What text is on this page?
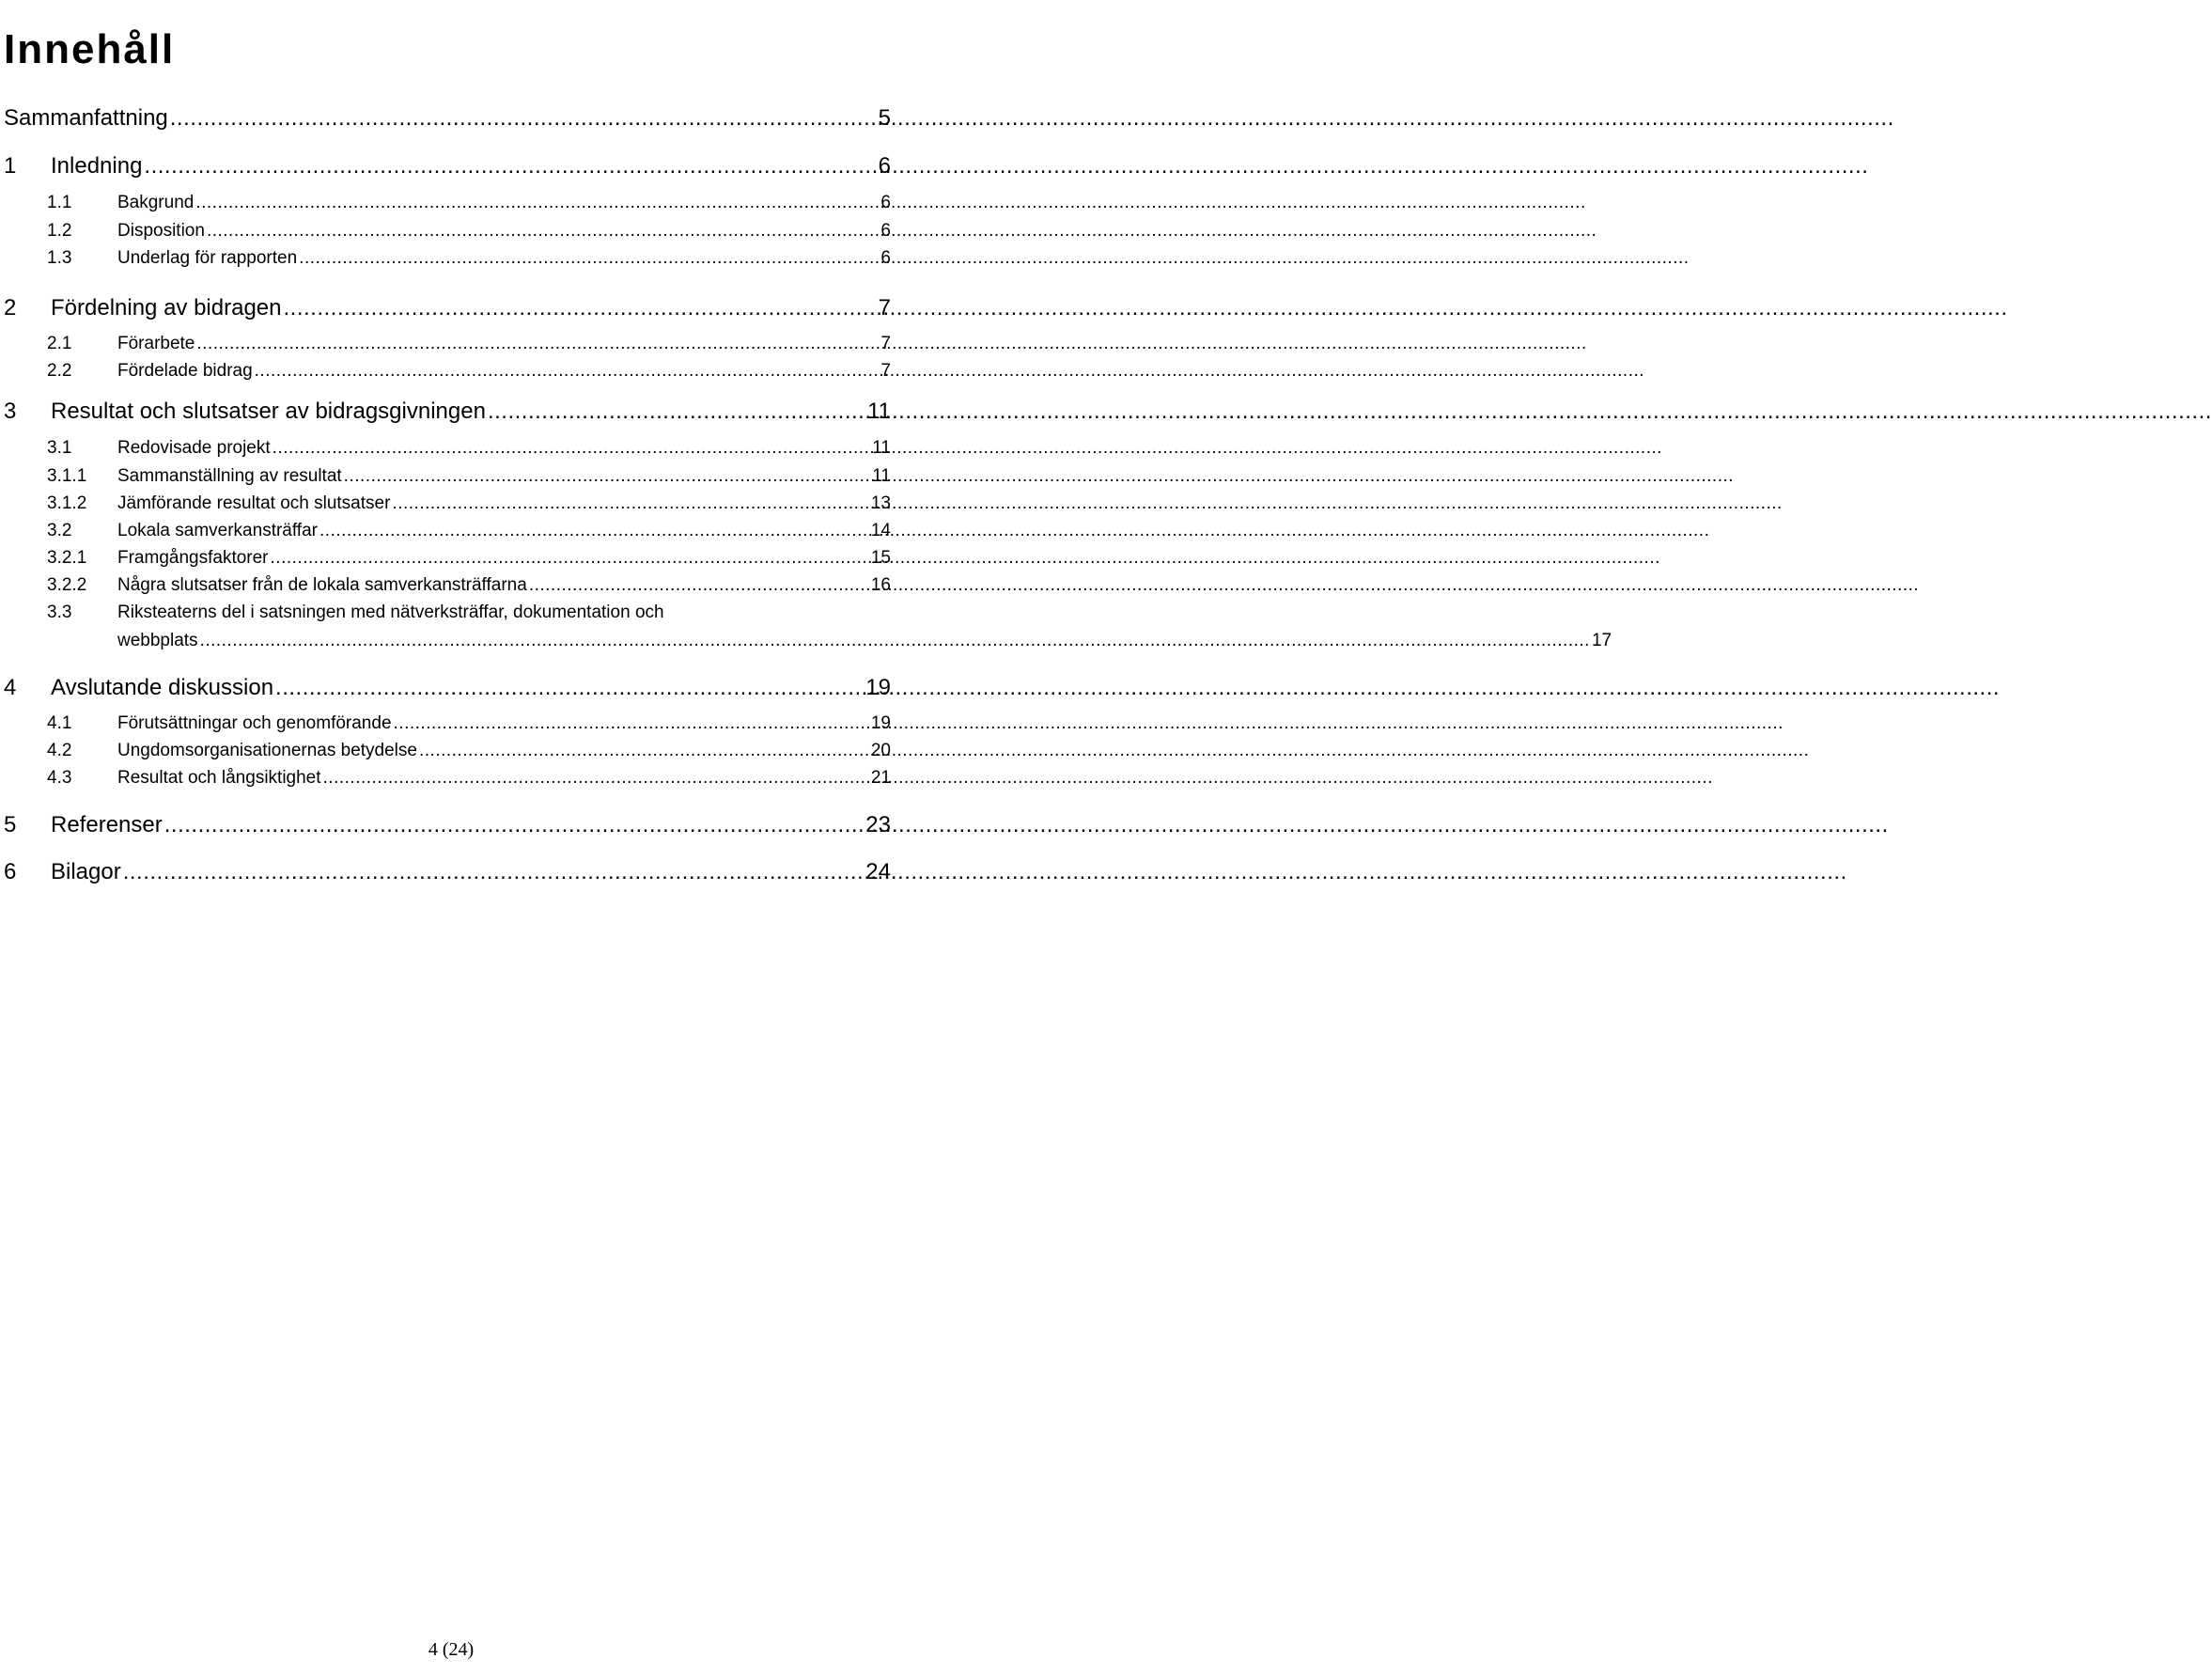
Innehåll
Sammanfattning .....	5
1	Inledning .....	6
1.1	Bakgrund .....	6
1.2	Disposition .....	6
1.3	Underlag för rapporten .....	6
2	Fördelning av bidragen .....	7
2.1	Förarbete .....	7
2.2	Fördelade bidrag .....	7
3	Resultat och slutsatser av bidragsgivningen .....	11
3.1	Redovisade projekt .....	11
3.1.1	Sammanställning av resultat .....	11
3.1.2	Jämförande resultat och slutsatser .....	13
3.2	Lokala samverkansträffar .....	14
3.2.1	Framgångsfaktorer .....	15
3.2.2	Några slutsatser från de lokala samverkansträffarna .....	16
3.3	Riksteaterns del i satsningen med nätverksträffar, dokumentation och
webbplats .....	17
4	Avslutande diskussion .....	19
4.1	Förutsättningar och genomförande .....	19
4.2	Ungdomsorganisationernas betydelse .....	20
4.3	Resultat och långsiktighet .....	21
5	Referenser .....	23
6	Bilagor .....	24
4 (24)
